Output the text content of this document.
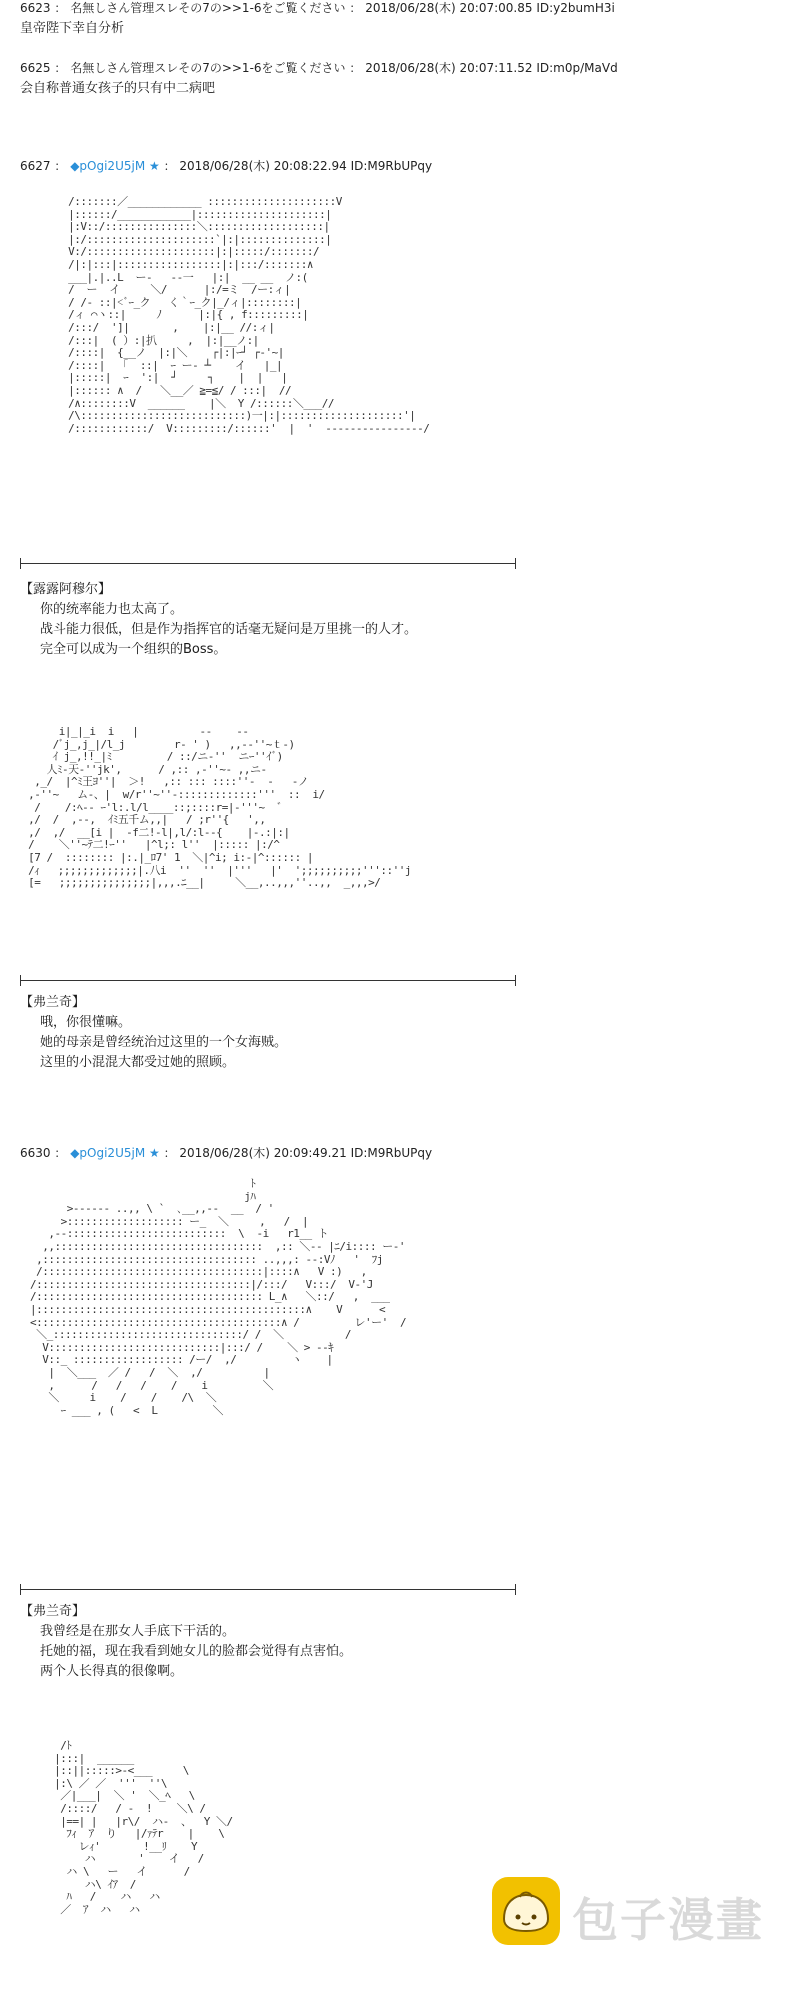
6623 ： 名無しさん管理スレその7の>>1-6をご覧ください ： 2018/06/28(木) 20:07:00.85 ID:y2bumH3i
皇帝陛下幸自分析
6625 ： 名無しさん管理スレその7の>>1-6をご覧ください ： 2018/06/28(木) 20:07:11.52 ID:m0p/MaVd
会自称普通女孩子的只有中二病吧
6627 ： ◆pOgi2U5jM ★ ： 2018/06/28(木) 20:08:22.94 ID:M9RbUPqy
/:::::::／____________ :::::::::::::::::::::V
|::::::/____________|:::::::::::::::::::::|
|:V::/:::::::::::::::＼:::::::::::::::::::|
|:/:::::::::::::::::::::`|:|::::::::::::::|
V:/:::::::::::::::::::::|:|:::::/:::::::/
/|:|:::|:::::::::::::::::|:|:::/:::::::∧
___|.|..L  ー‐   ‐‐一   |:|  __ __  ノ:(
/  ー  イ     ＼/      |:/=ミ  /ー:ィ|
/ /‐ ::|<ﾞｰ_ク   く｀ｰ_ク|_/ィ|::::::::|
/ィ ⌒ヽ::|     ﾉ      |:|{ , f:::::::::|
/:::/  ']|       ,    |:|__ //:ィ|
/:::|  ( ）:|扒     ,  |:|__ノ:|
/::::|  {__ノ  |:|＼    ┌|:|ｰ┘ ┌‐'~|
/::::|  「  ::|  ｰ ー‐ ┴    イ   |_|
|:::::|  ｰ  ':|  ┘     ┐    |  |   |
|:::::: ∧  /   ＼__／ ≧=≦/ / :::|  //
/∧::::::::V  ______    |＼  Y /::::::＼___//
/\:::::::::::::::::::::::::::)一|:|::::::::::::::::::::'|
/::::::::::::/  V:::::::::/::::::'  |  '  ----------------/
【露露阿穆尔】
你的统率能力也太高了。
战斗能力很低，但是作为指挥官的话毫无疑问是万里挑一的人才。
完全可以成为一个组织的Boss。
i|_|_i  i   |          ‐‐    ‐‐
/ﾞj_,j_|/l_j        r‐ ' )   ,,-‐''~ｔ-)
ｲ j_,!!_|ﾐ         / ::/ニ-''  ニｰ''ｲﾞ)
人ﾐ-天-''jk',      / ,:: ,-''~- ,,ニ-
,_/  |^ﾐ王ﾖ''|  ＞!   ,:: ::: ::::''-  -   ‐ノ
,-''~   ム-、|  w/r''~''‐:::::::::::::'''  ::  i/
/    /:ﾍ-‐ ｰ'l:.l/l____::;::::r=|‐'''~  ゛
,/  /  ,--,  ｲﾐ五千ム,,|   / ;r''{   ',,
,/  ,/  __[i |  ‐f二!-l|,l/:l‐-{    |-.:|:|
/    ＼''~ﾃ二!ｰ''   |^l;: l''  |::::: |:/^
[7 /  :::::::: |:.|_ﾛ7' 1  ＼|^i; i:-|^:::::: |
/ｨ   ;;;;;;;;;;;;;|.八i  ''  ''  |'''   |'  ';;;;;;;;;;'''::''j
[=   ;;;;;;;;;;;;;;;|,,,.ﾆ__|     ＼__,..,,,''..,,  _,,,>/
【弗兰奇】
哦，你很懂嘛。
她的母亲是曾经统治过这里的一个女海贼。
这里的小混混大都受过她的照顾。
6630 ： ◆pOgi2U5jM ★ ： 2018/06/28(木) 20:09:49.21 ID:M9RbUPqy
ﾄ
jﾊ
>-‐‐‐‐‐ ..,, \ `  ､__,,--  __  / '
>::::::::::::::::::: ー_  ＼     ,   /  |
,--::::::::::::::::::::::::::  \  -i   r1__ ト
,,::::::::::::::::::::::::::::::::::  ,:: ＼-- |ﾆ/i:::: ー‐'
,::::::::::::::::::::::::::::::::::: ..,,,: --:Vﾉ   '  ﾌj
/::::::::::::::::::::::::::::::::::::|::::∧   V :)   ,
/:::::::::::::::::::::::::::::::::::|/:::/   V:::/  V-'J
/::::::::::::::::::::::::::::::::::::: L_∧   ＼::/   ,  ___
|::::::::::::::::::::::::::::::::::::::::::::∧    V      <
<::::::::::::::::::::::::::::::::::::::::∧ /         レ'ー'  /
＼_:::::::::::::::::::::::::::::::/ /  ＼          /
V::::::::::::::::::::::::::::|:::/ /    ＼ > ‐‐ｷ
V::_ :::::::::::::::::: /ー/  ,/         ヽ    |
|  ＼___  ／ /   /  ＼  ,/          |
,      /   /   /    /    i         ＼
＼     i    /    /    /\  ＼
ｰ ___ , (   <  L         ＼
【弗兰奇】
我曾经是在那女人手底下干活的。
托她的福，现在我看到她女儿的脸都会觉得有点害怕。
两个人长得真的很像啊。
/ﾄ
|:::|  ______
|::||:::::>-<___     \
|:\ ／ ／  '''  ''\
／|___|  ＼ '  ＼_ﾍ   \
/::::/   / -  !    ＼\ /
|==| |   |r\/  ハ-  、  Y ＼/
ﾌｨ  ｱ  り   |/ｧﾃr    |    \
レｨ'       !__ﾘ    Y
ハ       '    イ   /
ハ \   ー   イ      /
ハ\ ｲｱ  /
ﾊ   /    ハ   ハ
／  ｱ  ハ   ハ	包子漫畫
